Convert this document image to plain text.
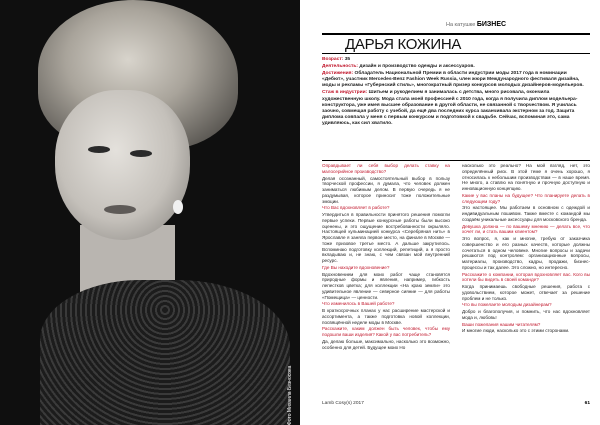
Фото Михаила Безносова
На катушке БИЗНЕС
ДАРЬЯ КОЖИНА

Возраст: 35

Деятельность: дизайн и производство одежды и аксессуаров.

Достижения: Обладатель Национальной Премии в области индустрии моды 2017 года в номинации «Дебют», участник Mercedes-Benz Fashion Week Russia, член жюри Международного фестиваля дизайна, моды и рекламы «Губернский стиль», многократный призер конкурсов молодых дизайнеров-модельеров.

Стаж в индустрии: Шитьем и рукоделием я занималась с детства, много рисовала, окончила художественную школу. Мода стала моей профессией с 2010 года, когда я получила диплом модельера-конструктора, уже имея высшее образование в другой области, не связанной с творчеством. Я училась заочно, совмещая работу с учебой, да ещё два последних курса заканчивала экстерном за год. Защита диплома совпала у меня с первым конкурсом и подготовкой к свадьбе. Сейчас, вспоминая это, сама удивляюсь, как сил хватило.

Оправдывает ли себя выбор делать ставку на малосерийное производство?

Делая осознанный, самостоятельный выбор в пользу творческой профессии, я думала, что человек должен заниматься любимым делом. В первую очередь я не раздумывая, которое приносит тоже положительные эмоции.

Что Вас вдохновляет в работе?

Утвердиться в правильности принятого решения помогли первые успехи. Первые конкурсные работы были высоко оценены, и это ощущение востребованности окрыляло. Настоящей кульминацией конкурса «Серебряная нить» в Ярославле я заняла первое место, на финале в Москве — тоже призовое третье место. А дальше закрутилось. Вспоминаю подготовку коллекций, репетиций, а я просто вкладываю и, не знаю, с чем связан мой внутренний ресурс.

Где Вы находите вдохновение?

Вдохновением для моих работ чаще становятся природные формы и явления, например, гибкость лепестков цветка; для коллекции «На краю земли» это удивительное явление — северное сияние — для работы «Помещица» — ценности.

Что изменилось в Вашей работе?

В краткосрочных планах у нас расширение мастерской и ассортимента, а также подготовка новой коллекции, посвящённой неделе моды в Москве.

Расскажите, каким должен быть человек, чтобы ему подошли ваши изделия? Какой у вас потребитель?

Да, делаю больше, максимально, насколько это возможно, особенно для детей. Будущее моих Но

насколько это реально? На мой взгляд, нет, это определённый риск. В этой теме я очень хорошо, я относилась к небольшим производствам — в наше время. Не много, а ставлю на понятную и прочную доступную и инновационную концепцию.

Какие у вас планы на будущее? Что планируете делать в следующем году?

Это настоящее. Мы работаем в основном с одеждой и индивидуальным пошивом. Также вместе с командой мы создаём уникальные аксессуары для московского бренда.

Девушка должна — по вашему мнению — делать все, что хочет ли, и стать вашим клиентом?

Это вопрос, я, как и многие, требую от заказчика совершенство и его разных качеств, которые должны сочетаться в одном человеке. Многие вопросы и задачи решаются под контролем: организационные вопросы, материалы, производство, кадры, продажи, бизнес-процессы и так далее. Это сложно, но интересно.

Расскажите о компании, которая вдохновляет вас. Кого вы хотели бы видеть в своей команде?

Когда принимаешь свободные решения, работа с удовольствием, которое может, отвечает за решение проблем и не только.

Что вы пожелаете молодым дизайнерам?

Добро и благополучия, и помнить, что нас вдохновляет мода и, любовь!

Ваши пожелания нашим читателям?

И многие люди, насколько это с этими сторонами.

Lamb Cosy(s) 2017	61
